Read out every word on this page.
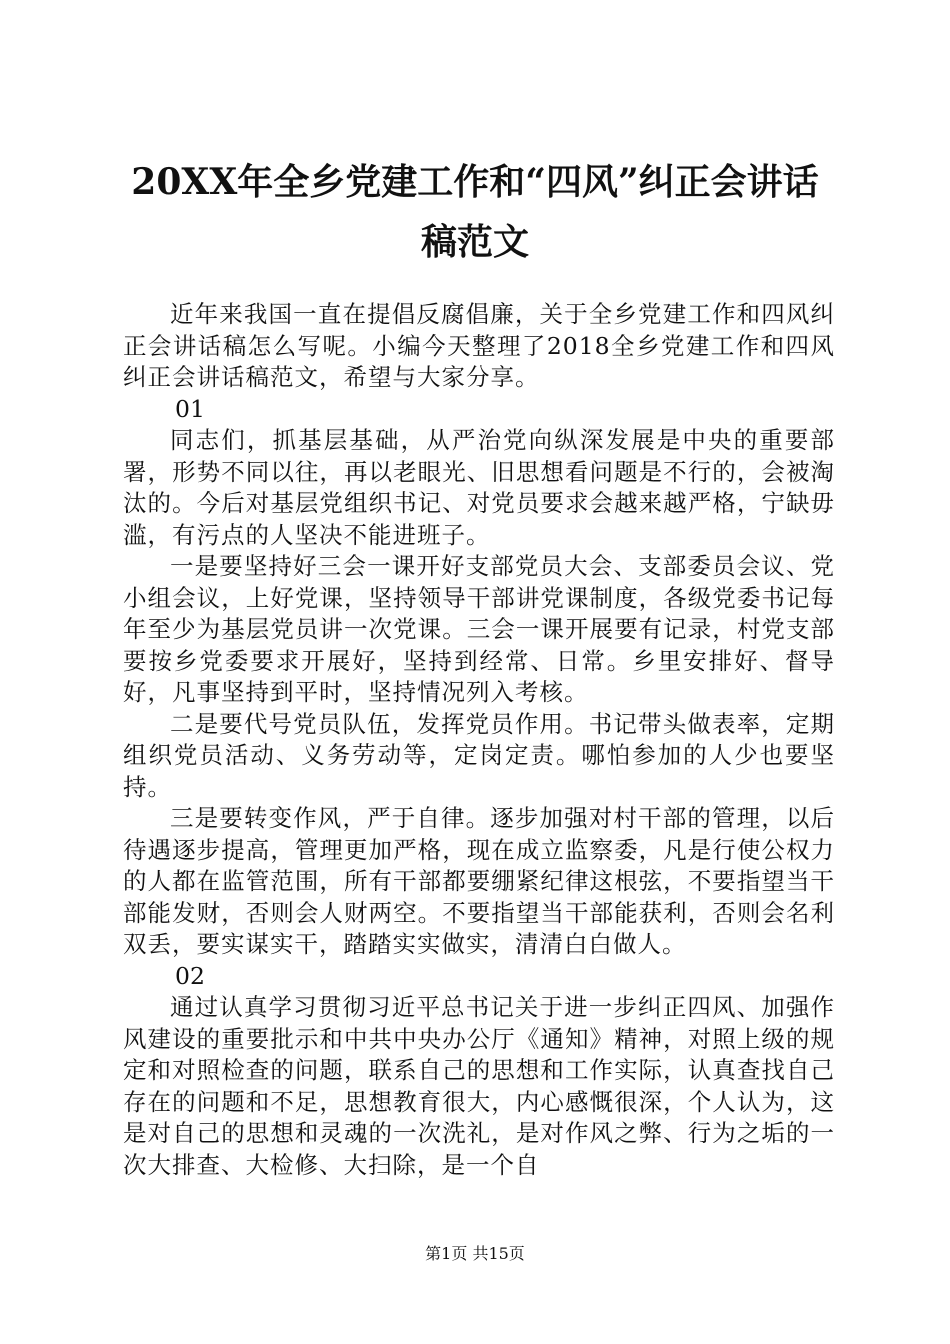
20XX年全乡党建工作和“四风”纠正会讲话
稿范文

近年来我国一直在提倡反腐倡廉，关于全乡党建工作和四风纠正会讲话稿怎么写呢。小编今天整理了2018全乡党建工作和四风纠正会讲话稿范文，希望与大家分享。

01

同志们，抓基层基础，从严治党向纵深发展是中央的重要部署，形势不同以往，再以老眼光、旧思想看问题是不行的，会被淘汰的。今后对基层党组织书记、对党员要求会越来越严格，宁缺毋滥，有污点的人坚决不能进班子。

一是要坚持好三会一课开好支部党员大会、支部委员会议、党小组会议，上好党课，坚持领导干部讲党课制度，各级党委书记每年至少为基层党员讲一次党课。三会一课开展要有记录，村党支部要按乡党委要求开展好，坚持到经常、日常。乡里安排好、督导好，凡事坚持到平时，坚持情况列入考核。

二是要代号党员队伍，发挥党员作用。书记带头做表率，定期组织党员活动、义务劳动等，定岗定责。哪怕参加的人少也要坚持。

三是要转变作风，严于自律。逐步加强对村干部的管理，以后待遇逐步提高，管理更加严格，现在成立监察委，凡是行使公权力的人都在监管范围，所有干部都要绷紧纪律这根弦，不要指望当干部能发财，否则会人财两空。不要指望当干部能获利，否则会名利双丢，要实谋实干，踏踏实实做实，清清白白做人。

02

通过认真学习贯彻习近平总书记关于进一步纠正四风、加强作风建设的重要批示和中共中央办公厅《通知》精神，对照上级的规定和对照检查的问题，联系自己的思想和工作实际，认真查找自己存在的问题和不足，思想教育很大，内心感慨很深，个人认为，这是对自己的思想和灵魂的一次洗礼，是对作风之弊、行为之垢的一次大排查、大检修、大扫除，是一个自

第1页 共15页
